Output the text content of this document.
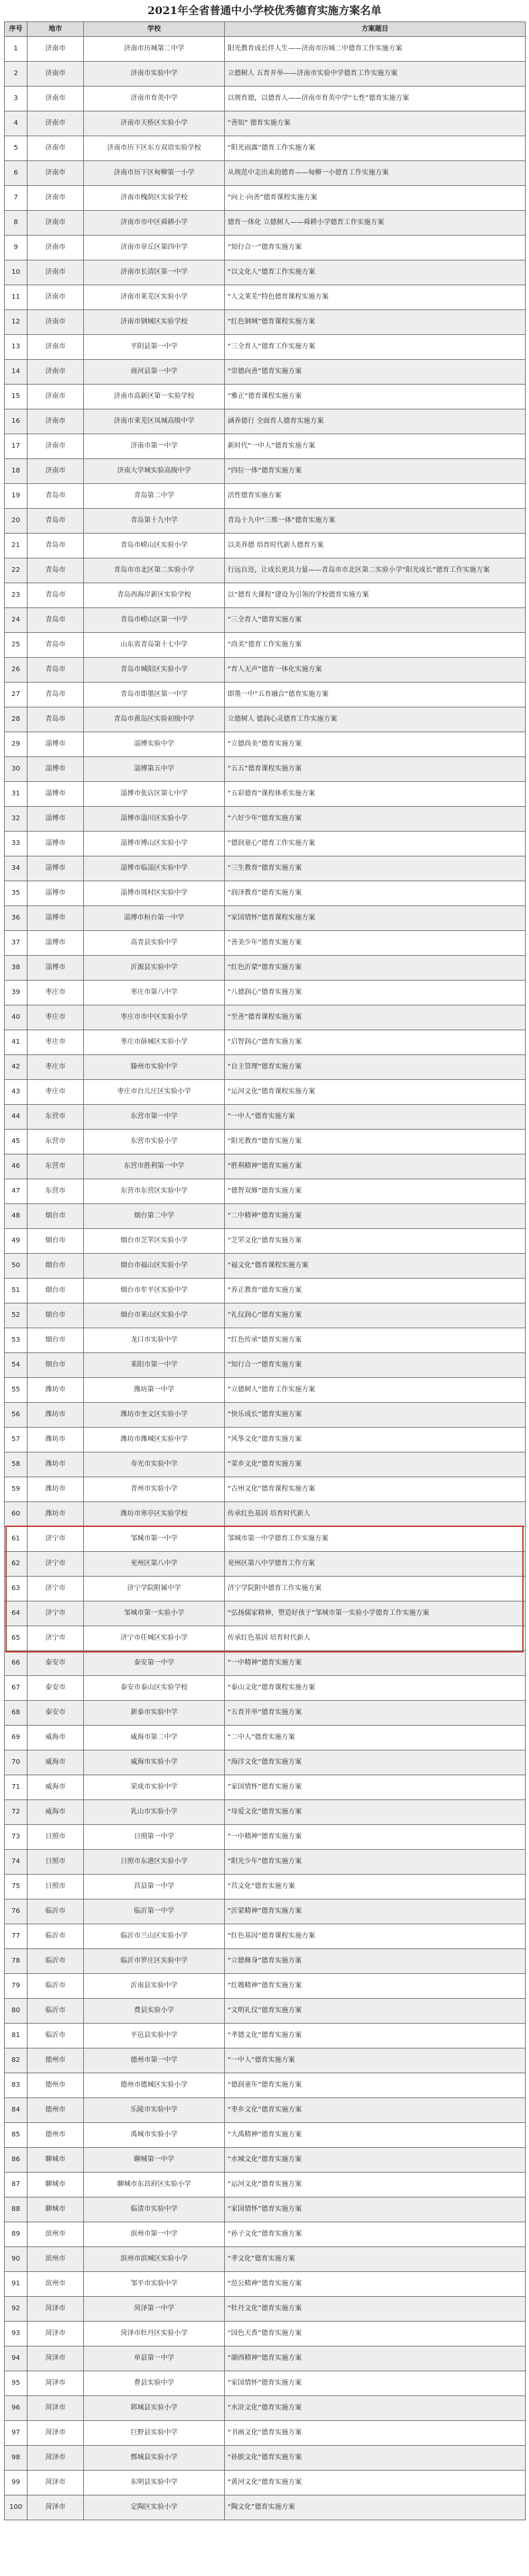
2021年全省普通中小学校优秀德育实施方案名单
序号	地市	学校	方案题目
1	济南市	济南市历城第二中学	阳光教育成长伴人生——济南市历城二中德育工作实施方案
2	济南市	济南市实验中学	立德树人 五育并举——济南市实验中学德育工作实施方案
3	济南市	济南市育英中学	以规育德，以德育人——济南市育英中学“七性”德育实施方案
4	济南市	济南市天桥区实验小学	“善知” 德育实施方案
5	济南市	济南市历下区东方双语实验学校	“阳光雨露”德育工作实施方案
6	济南市	济南市历下区甸柳第一小学	从规范中走出来的德育——甸柳一小德育工作实施方案
7	济南市	济南市槐荫区实验学校	“向上·向善”德育课程实施方案
8	济南市	济南市市中区舜耕小学	德育一体化 立德树人——舜耕小学德育工作实施方案
9	济南市	济南市章丘区第四中学	“知行合一”德育实施方案
10	济南市	济南市长清区第一中学	“以文化人”德育工作实施方案
11	济南市	济南市莱芜区实验小学	“人文莱芜”特色德育课程实施方案
12	济南市	济南市钢城区实验学校	“红色钢城”德育课程实施方案
13	济南市	平阴县第一中学	“三全育人”德育工作实施方案
14	济南市	商河县第一中学	“崇德向善”德育实施方案
15	济南市	济南市高新区第一实验学校	“雅正”德育课程实施方案
16	济南市	济南市莱芜区凤城高级中学	涵养德行 全面育人德育实施方案
17	济南市	济南市第一中学	新时代“一中人”德育实施方案
18	济南市	济南大学城实验高级中学	“四位一体”德育实施方案
19	青岛市	青岛第二中学	活性德育实施方案
20	青岛市	青岛第十九中学	青岛十九中“三维一体”德育实施方案
21	青岛市	青岛市崂山区实验小学	以美养德 培育时代新人德育方案
22	青岛市	青岛市市北区第二实验小学	行远自迩，让成长更具力量——青岛市市北区第二实验小学“阳光成长”德育工作实施方案
23	青岛市	青岛西海岸新区实验学校	以“德育大课程”建设为引领的学校德育实施方案
24	青岛市	青岛市崂山区第一中学	“三全育人”德育实施方案
25	青岛市	山东省青岛第十七中学	“尚美”德育工作实施方案
26	青岛市	青岛市城阳区实验小学	“育人无声”德育一体化实施方案
27	青岛市	青岛市即墨区第一中学	即墨一中“五育融合”德育实施方案
28	青岛市	青岛市黄岛区实验初级中学	立德树人 德润心灵德育工作实施方案
29	淄博市	淄博实验中学	“立德尚美”德育实施方案
30	淄博市	淄博第五中学	“五五”德育课程实施方案
31	淄博市	淄博市张店区第七中学	“五彩德育”课程体系实施方案
32	淄博市	淄博市淄川区实验小学	“六好少年”德育实施方案
33	淄博市	淄博市博山区实验小学	“德润童心”德育工作实施方案
34	淄博市	淄博市临淄区实验中学	“三生教育”德育实施方案
35	淄博市	淄博市周村区实验中学	“润泽教育”德育实施方案
36	淄博市	淄博市桓台第一中学	“家国情怀”德育课程实施方案
37	淄博市	高青县实验中学	“善美少年”德育实施方案
38	淄博市	沂源县实验中学	“红色沂蒙”德育实施方案
39	枣庄市	枣庄市第八中学	“八德润心”德育实施方案
40	枣庄市	枣庄市市中区实验小学	“至善”德育课程实施方案
41	枣庄市	枣庄市薛城区实验小学	“启智润心”德育实施方案
42	枣庄市	滕州市实验中学	“自主管理”德育实施方案
43	枣庄市	枣庄市台儿庄区实验小学	“运河文化”德育课程实施方案
44	东营市	东营市第一中学	“一中人”德育实施方案
45	东营市	东营市实验小学	“阳光教育”德育实施方案
46	东营市	东营市胜利第一中学	“胜利精神”德育实施方案
47	东营市	东营市东营区实验中学	“德智双修”德育实施方案
48	烟台市	烟台第二中学	“二中精神”德育实施方案
49	烟台市	烟台市芝罘区实验小学	“芝罘文化”德育实施方案
50	烟台市	烟台市福山区实验小学	“福文化”德育课程实施方案
51	烟台市	烟台市牟平区实验中学	“养正教育”德育实施方案
52	烟台市	烟台市莱山区实验小学	“礼仪润心”德育实施方案
53	烟台市	龙口市实验中学	“红色传承”德育实施方案
54	烟台市	莱阳市第一中学	“知行合一”德育实施方案
55	潍坊市	潍坊第一中学	“立德树人”德育工作实施方案
56	潍坊市	潍坊市奎文区实验小学	“快乐成长”德育实施方案
57	潍坊市	潍坊市潍城区实验中学	“风筝文化”德育实施方案
58	潍坊市	寿光市实验中学	“菜乡文化”德育实施方案
59	潍坊市	青州市实验小学	“古州文化”德育课程实施方案
60	潍坊市	潍坊市寒亭区实验学校	传承红色基因 培育时代新人
61	济宁市	邹城市第一中学	邹城市第一中学德育工作实施方案
62	济宁市	兖州区第八中学	兖州区第八中学德育工作方案
63	济宁市	济宁学院附属中学	济宁学院附中德育工作实施方案
64	济宁市	邹城市第一实验小学	“弘扬儒家精神，塑造好孩子”邹城市第一实验小学德育工作实施方案
65	济宁市	济宁市任城区实验小学	传承红色基因 培育时代新人
66	泰安市	泰安第一中学	“一中精神”德育实施方案
67	泰安市	泰安市泰山区实验学校	“泰山文化”德育课程实施方案
68	泰安市	新泰市实验中学	“五育并举”德育实施方案
69	威海市	威海市第二中学	“二中人”德育实施方案
70	威海市	威海市实验小学	“海洋文化”德育实施方案
71	威海市	荣成市实验中学	“家国情怀”德育实施方案
72	威海市	乳山市实验小学	“母爱文化”德育实施方案
73	日照市	日照第一中学	“一中精神”德育实施方案
74	日照市	日照市东港区实验小学	“阳光少年”德育实施方案
75	日照市	莒县第一中学	“莒文化”德育实施方案
76	临沂市	临沂第一中学	“沂蒙精神”德育实施方案
77	临沂市	临沂市兰山区实验小学	“红色基因”德育课程实施方案
78	临沂市	临沂市罗庄区实验中学	“立德修身”德育实施方案
79	临沂市	沂南县实验中学	“红嫂精神”德育实施方案
80	临沂市	费县实验小学	“文明礼仪”德育实施方案
81	临沂市	平邑县实验中学	“孝德文化”德育实施方案
82	德州市	德州市第一中学	“一中人”德育实施方案
83	德州市	德州市德城区实验小学	“德润童年”德育实施方案
84	德州市	乐陵市实验中学	“枣乡文化”德育实施方案
85	德州市	禹城市实验小学	“大禹精神”德育实施方案
86	聊城市	聊城第一中学	“水城文化”德育实施方案
87	聊城市	聊城市东昌府区实验小学	“运河文化”德育实施方案
88	聊城市	临清市实验中学	“家国情怀”德育实施方案
89	滨州市	滨州市第一中学	“孙子文化”德育实施方案
90	滨州市	滨州市滨城区实验小学	“孝文化”德育实施方案
91	滨州市	邹平市实验中学	“范公精神”德育实施方案
92	菏泽市	菏泽第一中学	“牡丹文化”德育实施方案
93	菏泽市	菏泽市牡丹区实验小学	“国色天香”德育实施方案
94	菏泽市	单县第一中学	“湖西精神”德育实施方案
95	菏泽市	曹县实验中学	“家国情怀”德育实施方案
96	菏泽市	郓城县实验小学	“水浒文化”德育实施方案
97	菏泽市	巨野县实验中学	“书画文化”德育实施方案
98	菏泽市	鄄城县实验小学	“孙膑文化”德育实施方案
99	菏泽市	东明县实验中学	“黄河文化”德育实施方案
100	菏泽市	定陶区实验小学	“陶文化”德育实施方案
